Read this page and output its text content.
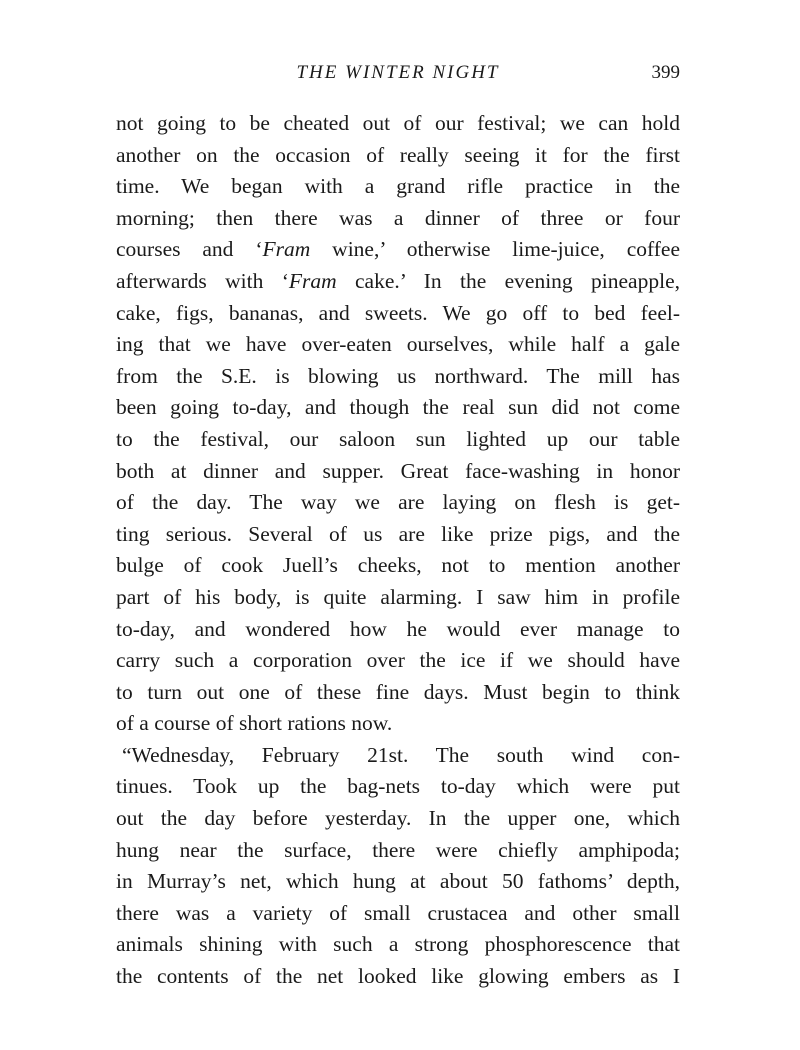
THE WINTER NIGHT	399
not going to be cheated out of our festival; we can hold
another on the occasion of really seeing it for the first
time. We began with a grand rifle practice in the
morning; then there was a dinner of three or four
courses and ‘Fram wine,’ otherwise lime-juice, coffee
afterwards with ‘Fram cake.’ In the evening pineapple,
cake, figs, bananas, and sweets. We go off to bed feel-
ing that we have over-eaten ourselves, while half a gale
from the S.E. is blowing us northward. The mill has
been going to-day, and though the real sun did not come
to the festival, our saloon sun lighted up our table
both at dinner and supper. Great face-washing in honor
of the day. The way we are laying on flesh is get-
ting serious. Several of us are like prize pigs, and the
bulge of cook Juell’s cheeks, not to mention another
part of his body, is quite alarming. I saw him in profile
to-day, and wondered how he would ever manage to
carry such a corporation over the ice if we should have
to turn out one of these fine days. Must begin to think
of a course of short rations now.
“Wednesday, February 21st. The south wind con-
tinues. Took up the bag-nets to-day which were put
out the day before yesterday. In the upper one, which
hung near the surface, there were chiefly amphipoda;
in Murray’s net, which hung at about 50 fathoms’ depth,
there was a variety of small crustacea and other small
animals shining with such a strong phosphorescence that
the contents of the net looked like glowing embers as I
